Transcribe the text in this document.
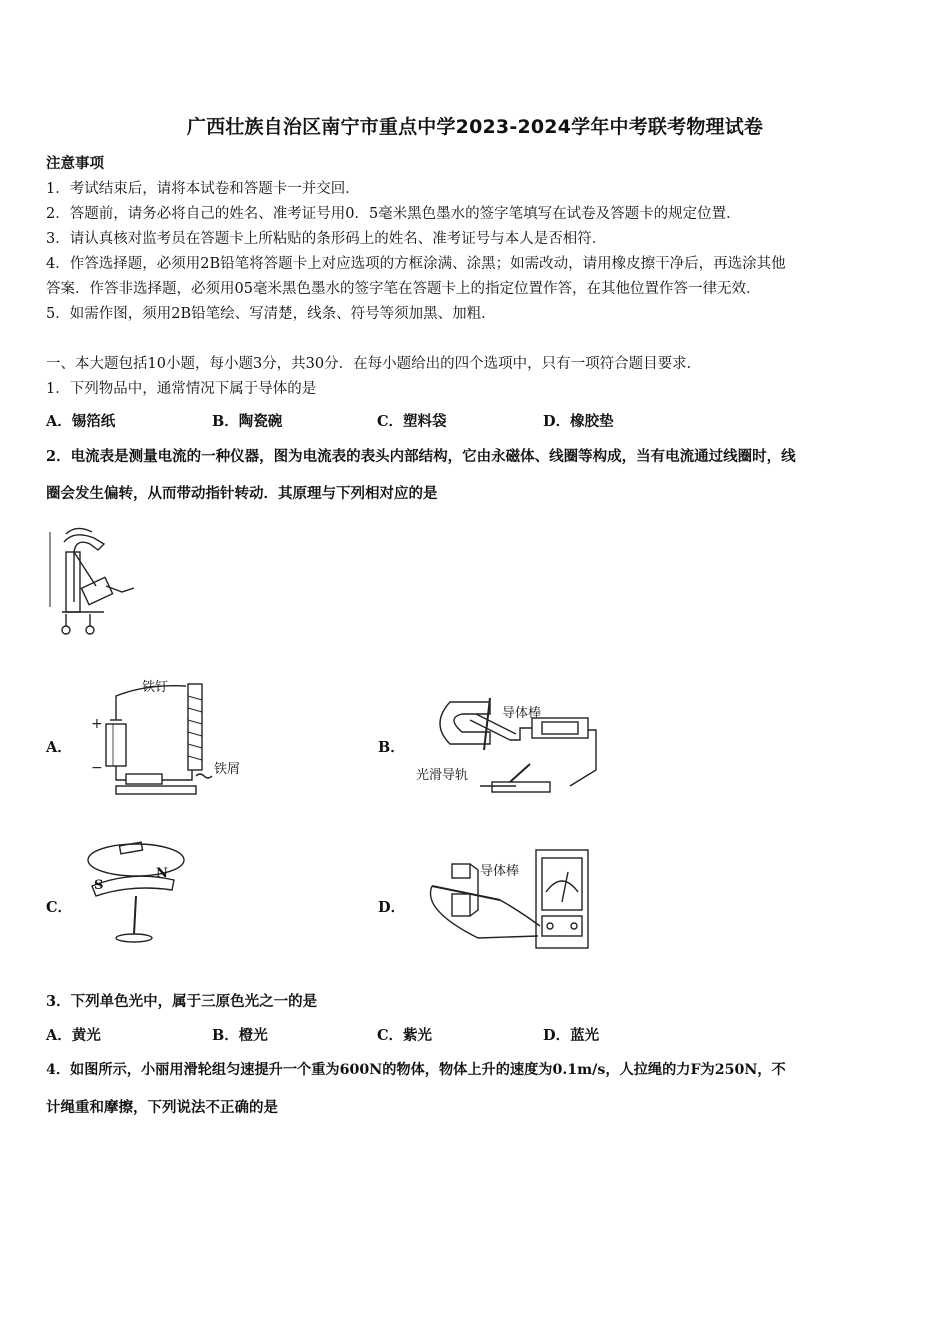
广西壮族自治区南宁市重点中学2023-2024学年中考联考物理试卷
注意事项
1．考试结束后，请将本试卷和答题卡一并交回．
2．答题前，请务必将自己的姓名、准考证号用0．5毫米黑色墨水的签字笔填写在试卷及答题卡的规定位置．
3．请认真核对监考员在答题卡上所粘贴的条形码上的姓名、准考证号与本人是否相符．
4．作答选择题，必须用2B铅笔将答题卡上对应选项的方框涂满、涂黑；如需改动，请用橡皮擦干净后，再选涂其他
答案．作答非选择题，必须用05毫米黑色墨水的签字笔在答题卡上的指定位置作答，在其他位置作答一律无效．
5．如需作图，须用2B铅笔绘、写清楚，线条、符号等须加黑、加粗．
一、本大题包括10小题，每小题3分，共30分．在每小题给出的四个选项中，只有一项符合题目要求．
1．下列物品中，通常情况下属于导体的是
A．锡箔纸	B．陶瓷碗	C．塑料袋	D．橡胶垫
2．电流表是测量电流的一种仪器，图为电流表的表头内部结构，它由永磁体、线圈等构成，当有电流通过线圈时，线
圈会发生偏转，从而带动指针转动．其原理与下列相对应的是
A．
+
−
铁钉
铁屑
B．
导体棒
光滑导轨
C．
S
N
D．
导体棒
3．下列单色光中，属于三原色光之一的是
A．黄光	B．橙光	C．紫光	D．蓝光
4．如图所示，小丽用滑轮组匀速提升一个重为600N的物体，物体上升的速度为0.1m/s，人拉绳的力F为250N，不
计绳重和摩擦，下列说法不正确的是
